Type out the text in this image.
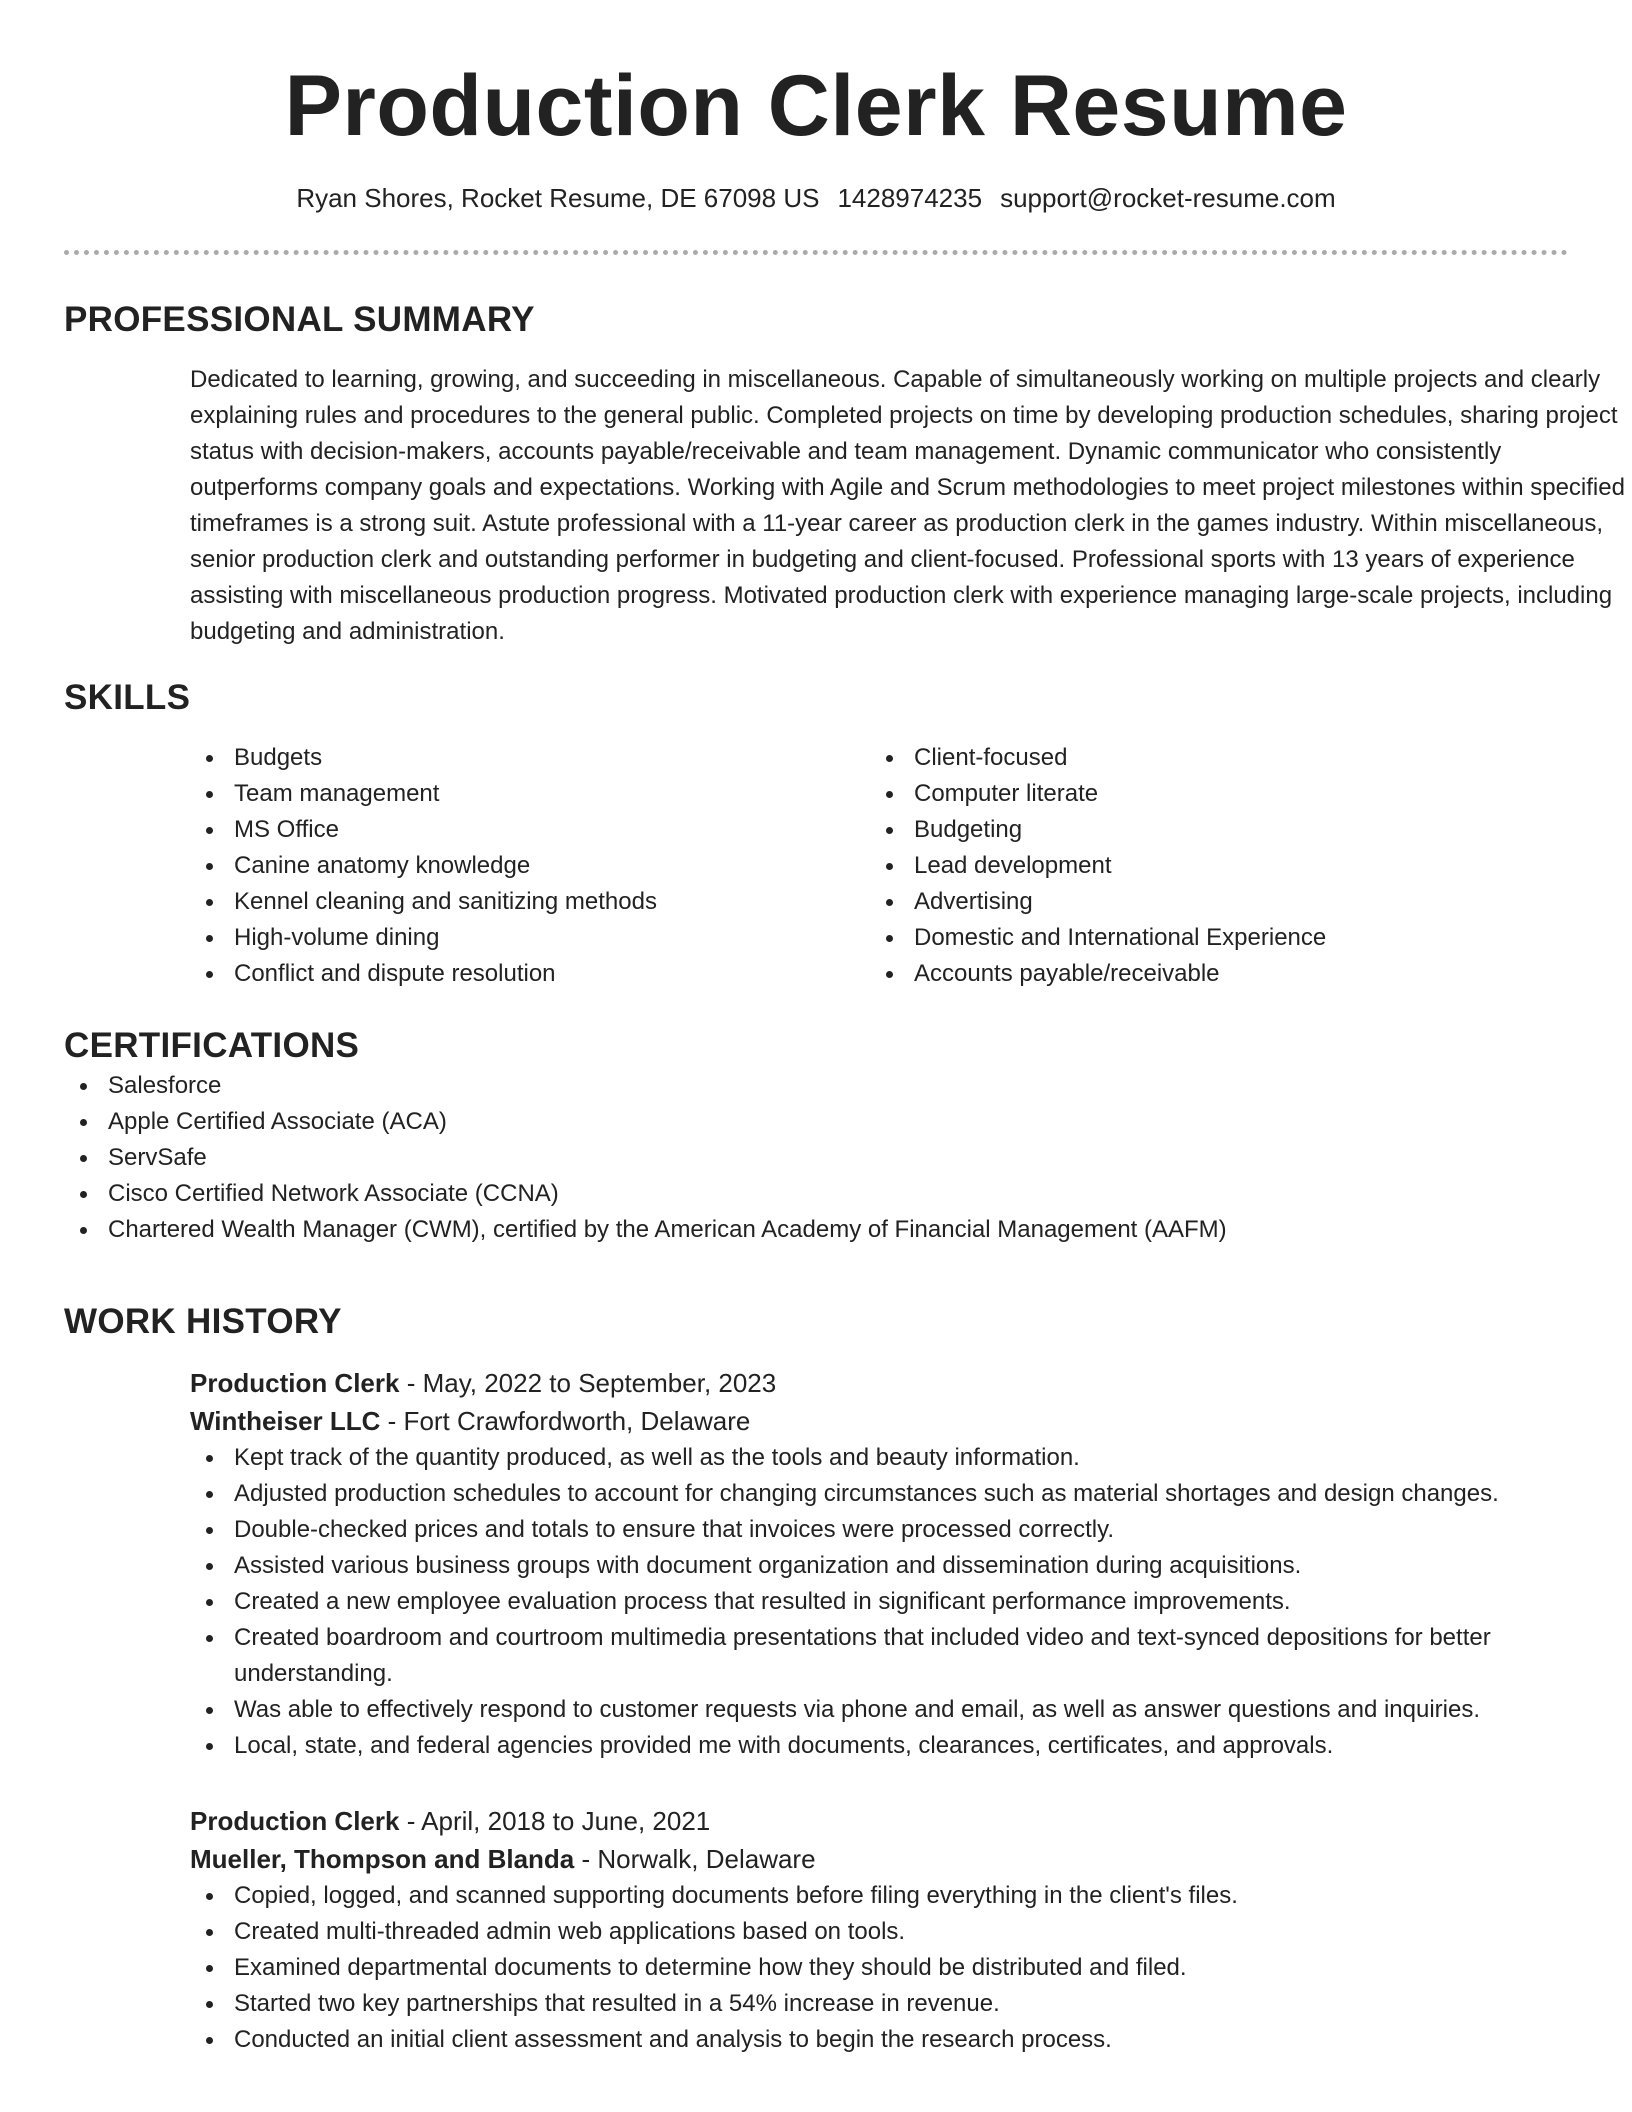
Production Clerk Resume
Ryan Shores, Rocket Resume, DE 67098 US 1428974235 support@rocket-resume.com
PROFESSIONAL SUMMARY
Dedicated to learning, growing, and succeeding in miscellaneous. Capable of simultaneously working on multiple projects and clearly explaining rules and procedures to the general public. Completed projects on time by developing production schedules, sharing project status with decision-makers, accounts payable/receivable and team management. Dynamic communicator who consistently outperforms company goals and expectations. Working with Agile and Scrum methodologies to meet project milestones within specified timeframes is a strong suit. Astute professional with a 11-year career as production clerk in the games industry. Within miscellaneous, senior production clerk and outstanding performer in budgeting and client-focused. Professional sports with 13 years of experience assisting with miscellaneous production progress. Motivated production clerk with experience managing large-scale projects, including budgeting and administration.
SKILLS
Budgets
Team management
MS Office
Canine anatomy knowledge
Kennel cleaning and sanitizing methods
High-volume dining
Conflict and dispute resolution
Client-focused
Computer literate
Budgeting
Lead development
Advertising
Domestic and International Experience
Accounts payable/receivable
CERTIFICATIONS
Salesforce
Apple Certified Associate (ACA)
ServSafe
Cisco Certified Network Associate (CCNA)
Chartered Wealth Manager (CWM), certified by the American Academy of Financial Management (AAFM)
WORK HISTORY
Production Clerk - May, 2022 to September, 2023
Wintheiser LLC - Fort Crawfordworth, Delaware
Kept track of the quantity produced, as well as the tools and beauty information.
Adjusted production schedules to account for changing circumstances such as material shortages and design changes.
Double-checked prices and totals to ensure that invoices were processed correctly.
Assisted various business groups with document organization and dissemination during acquisitions.
Created a new employee evaluation process that resulted in significant performance improvements.
Created boardroom and courtroom multimedia presentations that included video and text-synced depositions for better understanding.
Was able to effectively respond to customer requests via phone and email, as well as answer questions and inquiries.
Local, state, and federal agencies provided me with documents, clearances, certificates, and approvals.
Production Clerk - April, 2018 to June, 2021
Mueller, Thompson and Blanda - Norwalk, Delaware
Copied, logged, and scanned supporting documents before filing everything in the client's files.
Created multi-threaded admin web applications based on tools.
Examined departmental documents to determine how they should be distributed and filed.
Started two key partnerships that resulted in a 54% increase in revenue.
Conducted an initial client assessment and analysis to begin the research process.
